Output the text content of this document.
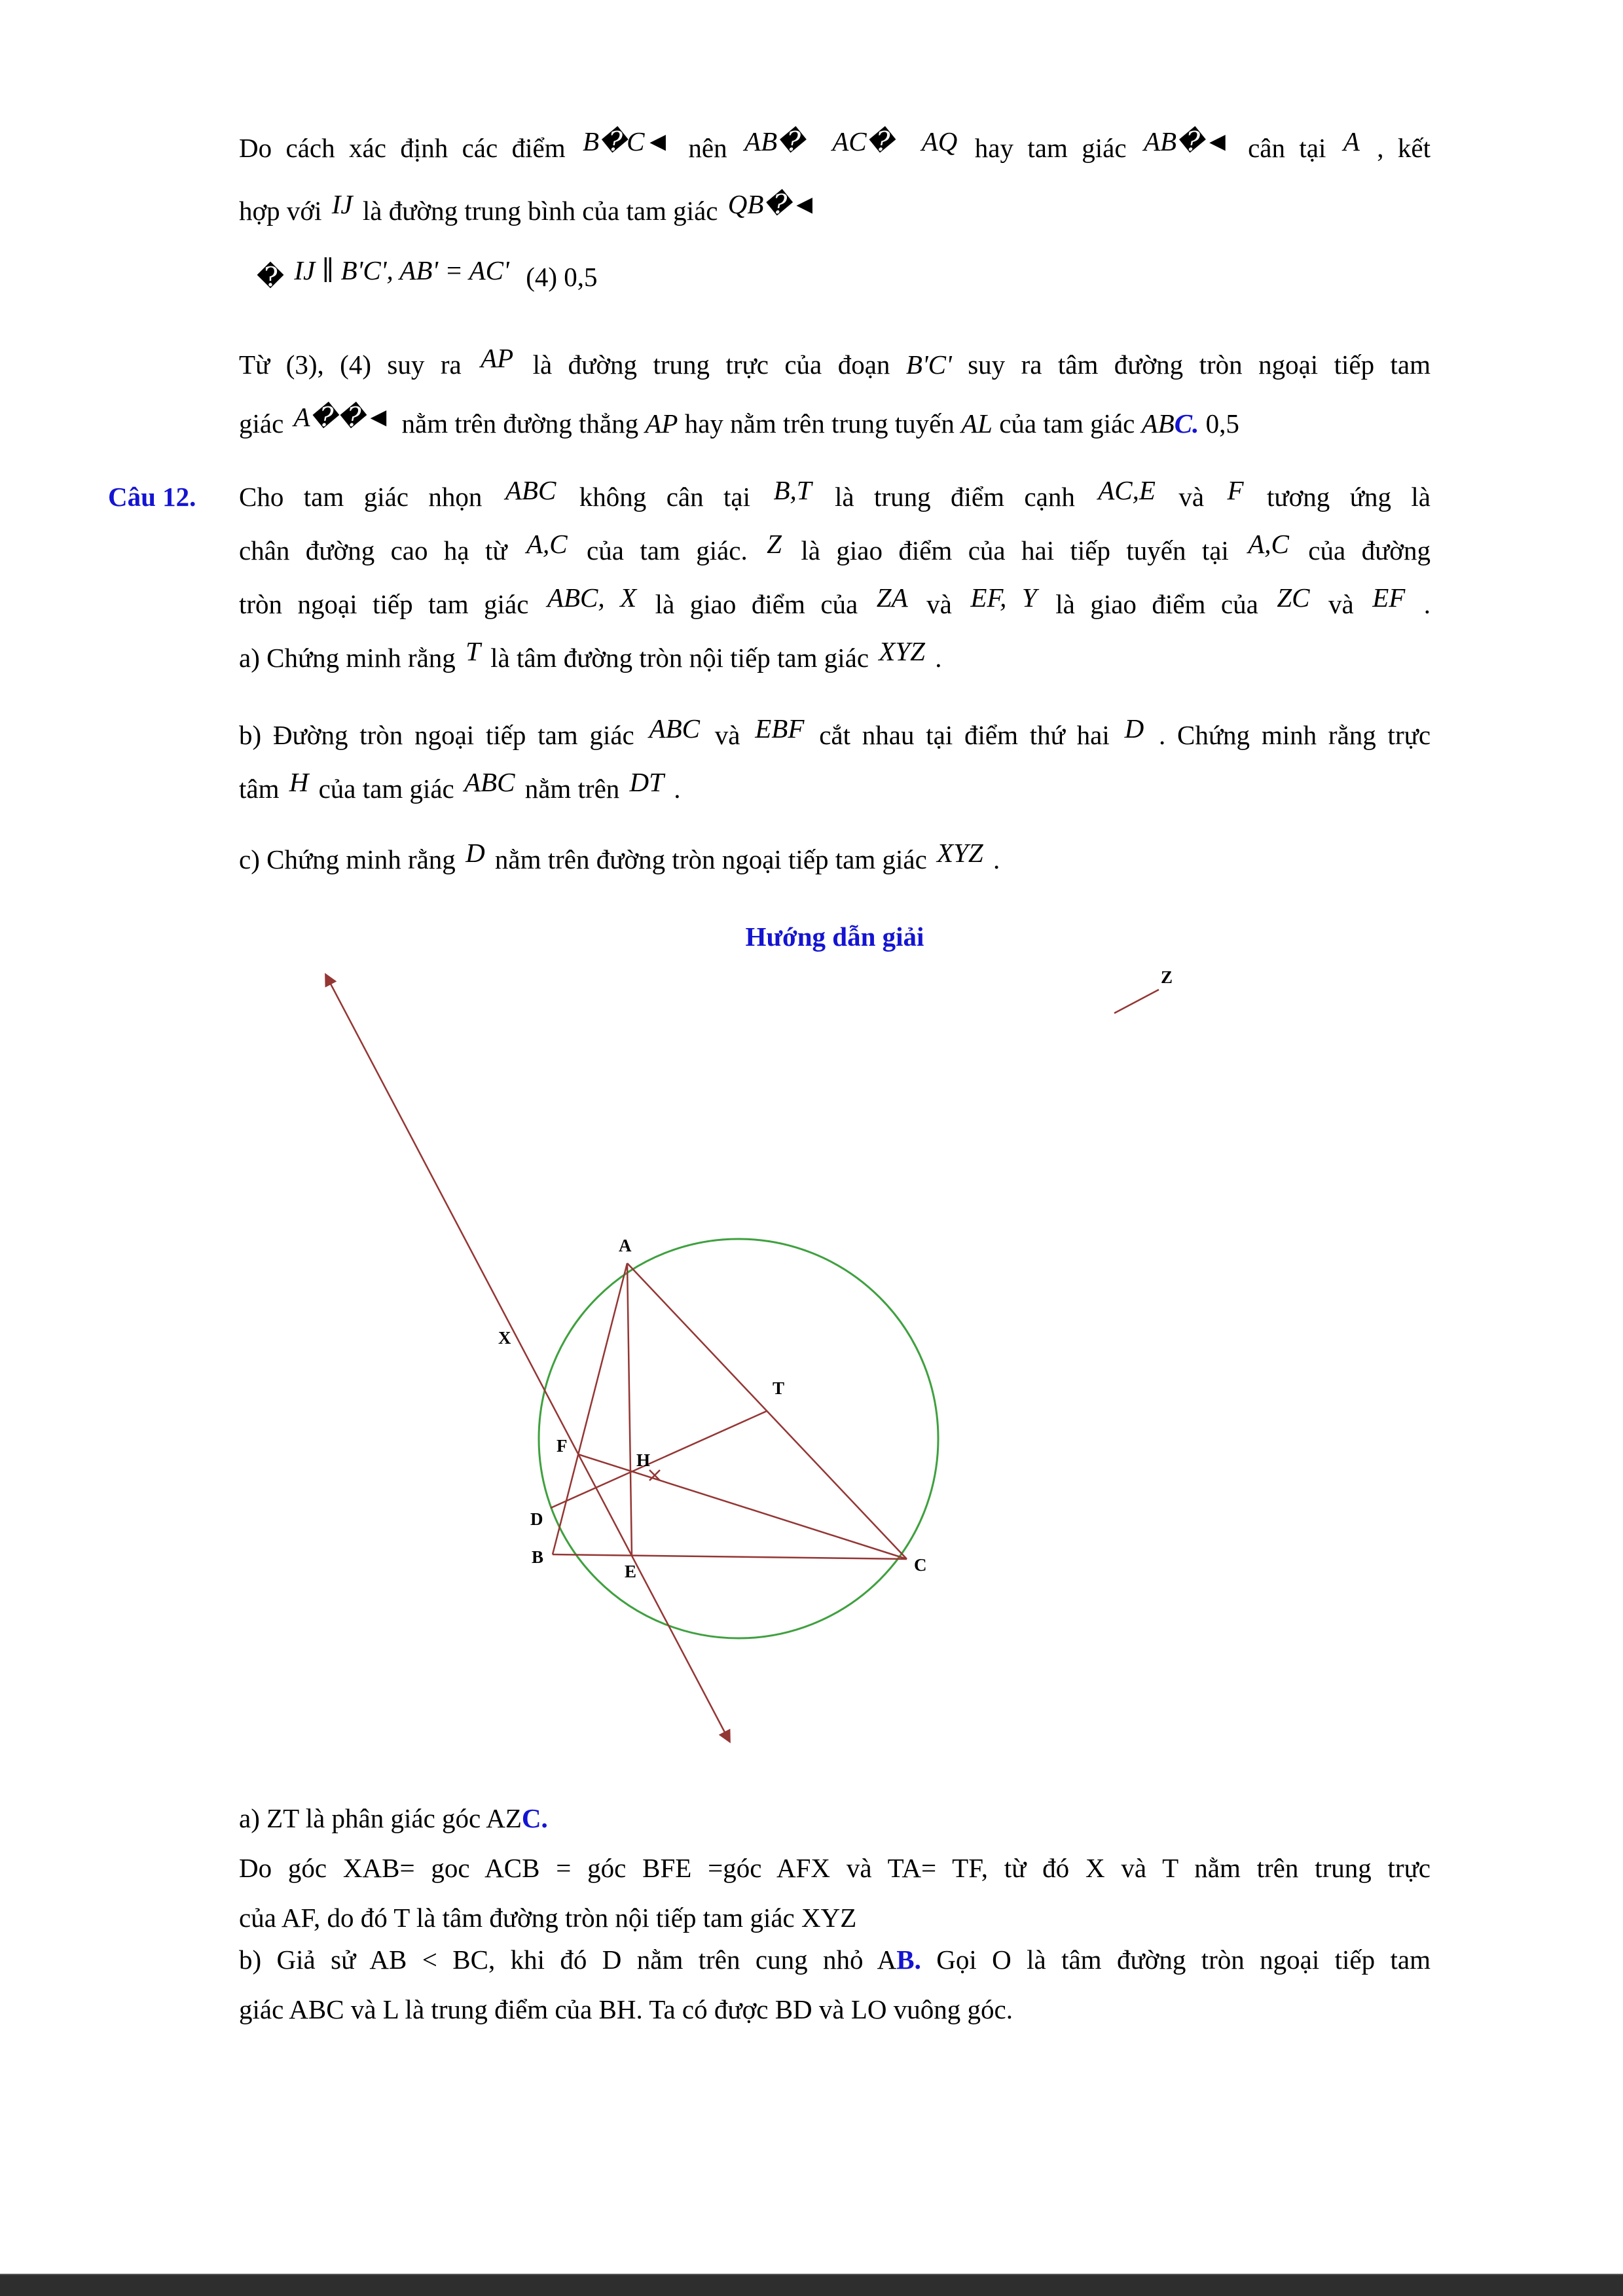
Do cách xác định các điểm B�C◄ nên AB�  AC�  AQ hay tam giác AB�◄ cân tại A , kết
hợp với IJ là đường trung bình của tam giác QB�◄
� IJ ∥ B'C', AB' = AC'  (4) 0,5
Từ (3), (4) suy ra AP là đường trung trực của đoạn B'C' suy ra tâm đường tròn ngoại tiếp tam
giác A��◄ nằm trên đường thẳng AP hay nằm trên trung tuyến AL của tam giác ABC. 0,5
Câu 12. Cho tam giác nhọn ABC không cân tại B,T là trung điểm cạnh AC,E và F tương ứng là
chân đường cao hạ từ A,C của tam giác. Z là giao điểm của hai tiếp tuyến tại A,C của đường
tròn ngoại tiếp tam giác ABC, X là giao điểm của ZA và EF, Y là giao điểm của ZC và EF .
a) Chứng minh rằng T là tâm đường tròn nội tiếp tam giác XYZ .
b) Đường tròn ngoại tiếp tam giác ABC và EBF cắt nhau tại điểm thứ hai D . Chứng minh rằng trực
tâm H của tam giác ABC nằm trên DT .
c) Chứng minh rằng D nằm trên đường tròn ngoại tiếp tam giác XYZ .
Hướng dẫn giải
a) ZT là phân giác góc AZC.
Do góc XAB= goc ACB = góc BFE =góc AFX và TA= TF, từ đó X và T nằm trên trung trực
của AF, do đó T là tâm đường tròn nội tiếp tam giác XYZ
b) Giả sử AB < BC, khi đó D nằm trên cung nhỏ AB. Gọi O là tâm đường tròn ngoại tiếp tam
giác ABC và L là trung điểm của BH. Ta có được BD và LO vuông góc.
A
X
T
F
H
D
B
E	C
Z
